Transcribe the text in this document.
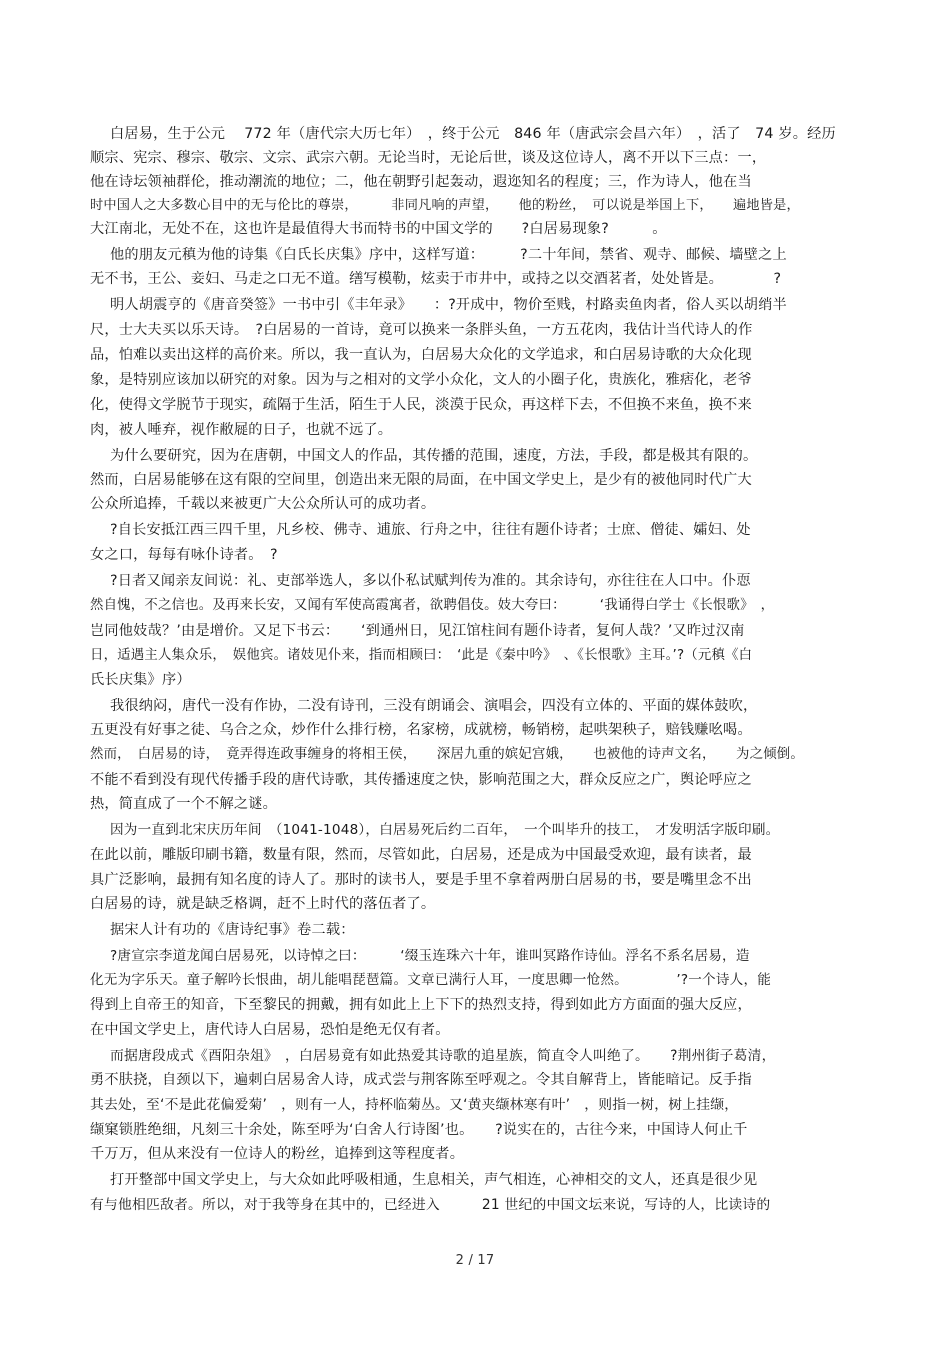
白居易，生于公元　 772 年（唐代宗大历七年）　，终于公元　846 年（唐武宗会昌六年）　，活了　74 岁。经历
顺宗、宪宗、穆宗、敬宗、文宗、武宗六朝。无论当时，无论后世，谈及这位诗人，离不开以下三点：一，
他在诗坛领袖群伦，推动潮流的地位；二，他在朝野引起轰动，遐迩知名的程度；三，作为诗人，他在当
时中国人之大多数心目中的无与伦比的尊崇，　　　非同凡响的声望，　　他的粉丝，　可以说是举国上下，　　遍地皆是，
大江南北，无处不在，这也许是最值得大书而特书的中国文学的　　?白居易现象?　　　。
他的朋友元稹为他的诗集《白氏长庆集》序中，这样写道：　　　?二十年间，禁省、观寺、邮候、墙壁之上
无不书，王公、妾妇、马走之口无不道。缮写模勒，炫卖于市井中，或持之以交酒茗者，处处皆是。　　　　?
明人胡震亨的《唐音癸签》一书中引《丰年录》　　：?开成中，物价至贱，村路卖鱼肉者，俗人买以胡绡半
尺，士大夫买以乐天诗。　?白居易的一首诗，竟可以换来一条胖头鱼，一方五花肉，我估计当代诗人的作
品，怕难以卖出这样的高价来。所以，我一直认为，白居易大众化的文学追求，和白居易诗歌的大众化现
象，是特别应该加以研究的对象。因为与之相对的文学小众化，文人的小圈子化，贵族化，雅痞化，老爷
化，使得文学脱节于现实，疏隔于生活，陌生于人民，淡漠于民众，再这样下去，不但换不来鱼，换不来
肉，被人唾弃，视作敝屣的日子，也就不远了。
为什么要研究，因为在唐朝，中国文人的作品，其传播的范围，速度，方法，手段，都是极其有限的。
然而，白居易能够在这有限的空间里，创造出来无限的局面，在中国文学史上，是少有的被他同时代广大
公众所追捧，千载以来被更广大公众所认可的成功者。
?自长安抵江西三四千里，凡乡校、佛寺、逋旅、行舟之中，往往有题仆诗者；士庶、僧徒、孀妇、处
女之口，每每有咏仆诗者。　?
?日者又闻亲友间说：礼、吏部举选人，多以仆私试赋判传为准的。其余诗句，亦往往在人口中。仆恧
然自愧，不之信也。及再来长安，又闻有军使高霞寓者，欲聘倡伎。妓大夸曰：　　　‘我诵得白学士《长恨歌》　，
岂同他妓哉？’由是增价。又足下书云：　　‘到通州日，见江馆柱间有题仆诗者，复何人哉？’又昨过汉南
日，适遇主人集众乐，　娱他宾。诸妓见仆来，指而相顾曰：　‘此是《秦中吟》　、《长恨歌》主耳。’?（元稹《白
氏长庆集》序）
我很纳闷，唐代一没有作协，二没有诗刊，三没有朗诵会、演唱会，四没有立体的、平面的媒体鼓吹，
五更没有好事之徒、乌合之众，炒作什么排行榜，名家榜，成就榜，畅销榜，起哄架秧子，赔钱赚吆喝。
然而，　白居易的诗，　竟弄得连政事缠身的将相王侯，　　深居九重的嫔妃宫娥，　　也被他的诗声文名，　　为之倾倒。
不能不看到没有现代传播手段的唐代诗歌，其传播速度之快，影响范围之大，群众反应之广，舆论呼应之
热，简直成了一个不解之谜。
因为一直到北宋庆历年间　（1041-1048），白居易死后约二百年，　一个叫毕升的技工，　才发明活字版印刷。
在此以前，雕版印刷书籍，数量有限，然而，尽管如此，白居易，还是成为中国最受欢迎，最有读者，最
具广泛影响，最拥有知名度的诗人了。那时的读书人，要是手里不拿着两册白居易的书，要是嘴里念不出
白居易的诗，就是缺乏格调，赶不上时代的落伍者了。
据宋人计有功的《唐诗纪事》卷二载：
?唐宣宗李道龙闻白居易死，以诗悼之曰：　　　‘缀玉连珠六十年，谁叫冥路作诗仙。浮名不系名居易，造
化无为字乐天。童子解吟长恨曲，胡儿能唱琵琶篇。文章已满行人耳，一度思卿一怆然。　　　　’?一个诗人，能
得到上自帝王的知音，下至黎民的拥戴，拥有如此上上下下的热烈支持，得到如此方方面面的强大反应，
在中国文学史上，唐代诗人白居易，恐怕是绝无仅有者。
而据唐段成式《酉阳杂俎》　，白居易竟有如此热爱其诗歌的追星族，简直令人叫绝了。　　?荆州街子葛清，
勇不肤挠，自颈以下，遍刺白居易舍人诗，成式尝与荆客陈至呼观之。令其自解背上，皆能暗记。反手指
其去处，至‘不是此花偏爱菊’　，则有一人，持杯临菊丛。又‘黄夹缬林寒有叶’　，则指一树，树上挂缬，
缬窠锁胜绝细，凡刻三十余处，陈至呼为‘白舍人行诗图’也。　　?说实在的，古往今来，中国诗人何止千
千万万，但从来没有一位诗人的粉丝，追捧到这等程度者。
打开整部中国文学史上，与大众如此呼吸相通，生息相关，声气相连，心神相交的文人，还真是很少见
有与他相匹敌者。所以，对于我等身在其中的，已经进入　　　21 世纪的中国文坛来说，写诗的人，比读诗的
2 / 17
